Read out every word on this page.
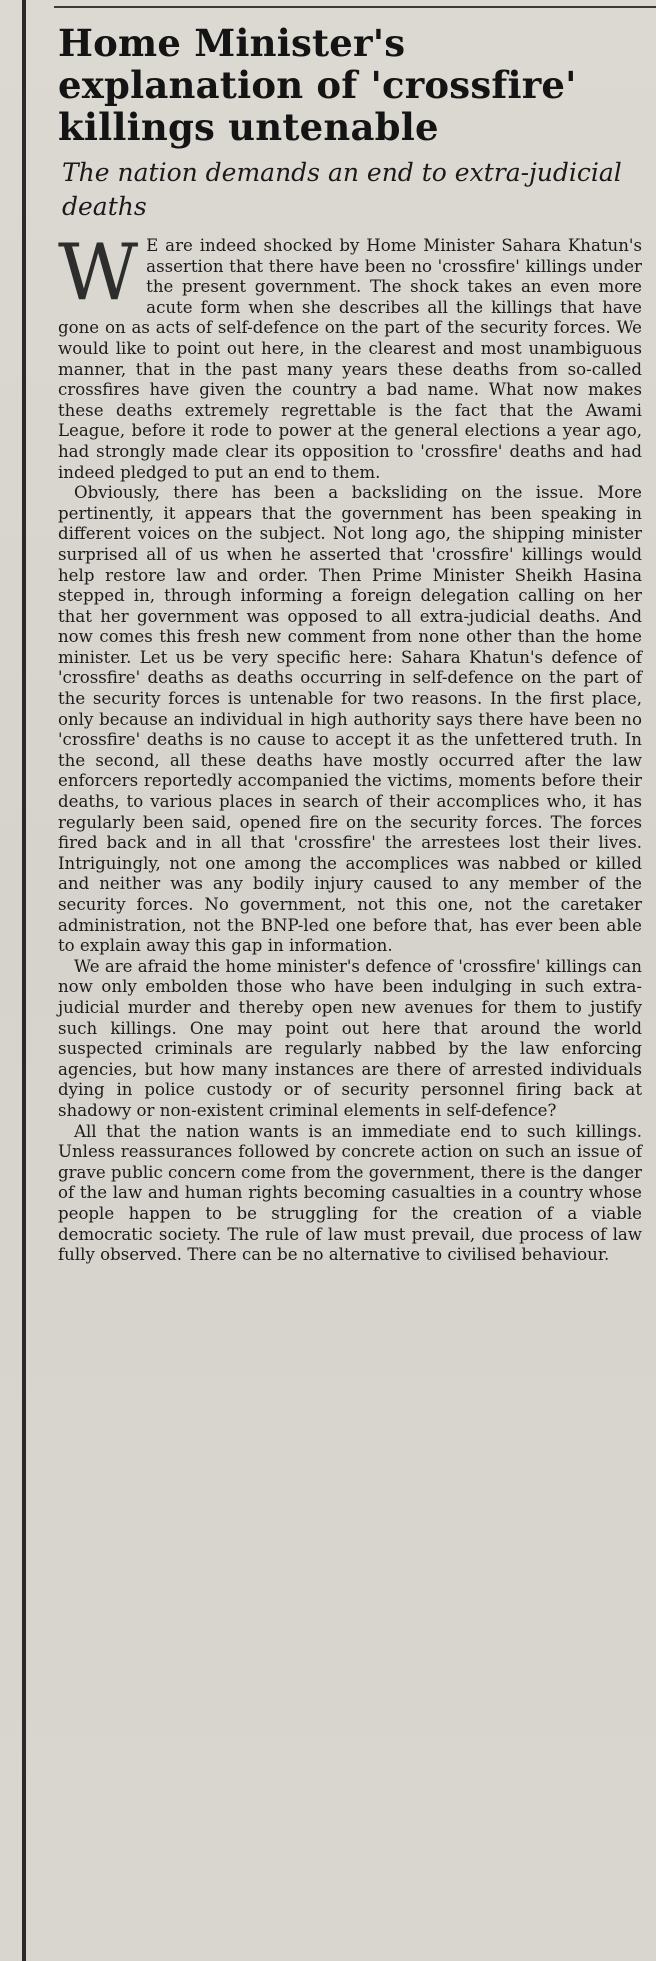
Home Minister's explanation of 'crossfire' killings untenable
The nation demands an end to extra-judicial deaths

W E are indeed shocked by Home Minister Sahara Khatun's assertion that there have been no 'crossfire' killings under the present government. The shock takes an even more acute form when she describes all the killings that have gone on as acts of self-defence on the part of the security forces. We would like to point out here, in the clearest and most unambiguous manner, that in the past many years these deaths from so-called crossfires have given the country a bad name. What now makes these deaths extremely regrettable is the fact that the Awami League, before it rode to power at the general elections a year ago, had strongly made clear its opposition to 'crossfire' deaths and had indeed pledged to put an end to them.

Obviously, there has been a backsliding on the issue. More pertinently, it appears that the government has been speaking in different voices on the subject. Not long ago, the shipping minister surprised all of us when he asserted that 'crossfire' killings would help restore law and order. Then Prime Minister Sheikh Hasina stepped in, through informing a foreign delegation calling on her that her government was opposed to all extra-judicial deaths. And now comes this fresh new comment from none other than the home minister. Let us be very specific here: Sahara Khatun's defence of 'crossfire' deaths as deaths occurring in self-defence on the part of the security forces is untenable for two reasons. In the first place, only because an individual in high authority says there have been no 'crossfire' deaths is no cause to accept it as the unfettered truth. In the second, all these deaths have mostly occurred after the law enforcers reportedly accompanied the victims, moments before their deaths, to various places in search of their accomplices who, it has regularly been said, opened fire on the security forces. The forces fired back and in all that 'crossfire' the arrestees lost their lives. Intriguingly, not one among the accomplices was nabbed or killed and neither was any bodily injury caused to any member of the security forces. No government, not this one, not the caretaker administration, not the BNP-led one before that, has ever been able to explain away this gap in information.

We are afraid the home minister's defence of 'crossfire' killings can now only embolden those who have been indulging in such extra-judicial murder and thereby open new avenues for them to justify such killings. One may point out here that around the world suspected criminals are regularly nabbed by the law enforcing agencies, but how many instances are there of arrested individuals dying in police custody or of security personnel firing back at shadowy or non-existent criminal elements in self-defence?

All that the nation wants is an immediate end to such killings. Unless reassurances followed by concrete action on such an issue of grave public concern come from the government, there is the danger of the law and human rights becoming casualties in a country whose people happen to be struggling for the creation of a viable democratic society. The rule of law must prevail, due process of law fully observed. There can be no alternative to civilised behaviour.
